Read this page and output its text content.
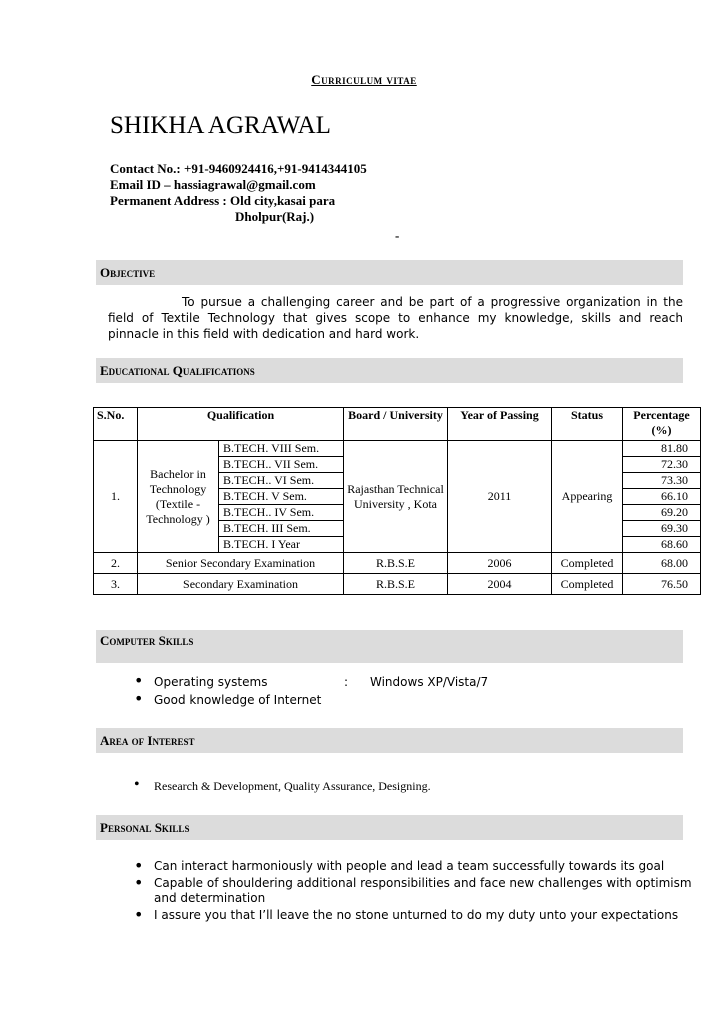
Curriculum vitae
SHIKHA AGRAWAL
Contact No.: +91-9460924416,+91-9414344105
Email ID – hassiagrawal@gmail.com
Permanent Address : Old city,kasai para
Dholpur(Raj.)
-
Objective
To pursue a challenging career and be part of a progressive organization in the field of Textile Technology that gives scope to enhance my knowledge, skills and reach pinnacle in this field with dedication and hard work.
Educational Qualifications
S.No.	Qualification		Board / University	Year of Passing	Status	Percentage (%)
1.	Bachelor in Technology (Textile -Technology )	B.TECH. VIII Sem.	Rajasthan Technical University , Kota	2011	Appearing	81.80
		B.TECH.. VII Sem.				72.30
		B.TECH.. VI Sem.				73.30
		B.TECH. V Sem.				66.10
		B.TECH.. IV Sem.				69.20
		B.TECH. III Sem.				69.30
		B.TECH. I Year				68.60
2.	Senior Secondary Examination		R.B.S.E	2006	Completed	68.00
3.	Secondary Examination		R.B.S.E	2004	Completed	76.50
Computer Skills
• Operating systems	: Windows XP/Vista/7
• Good knowledge of Internet
Area of Interest
• Research & Development, Quality Assurance, Designing.
Personal Skills
• Can interact harmoniously with people and lead a team successfully towards its goal
• Capable of shouldering additional responsibilities and face new challenges with optimism and determination
• I assure you that I’ll leave the no stone unturned to do my duty unto your expectations
